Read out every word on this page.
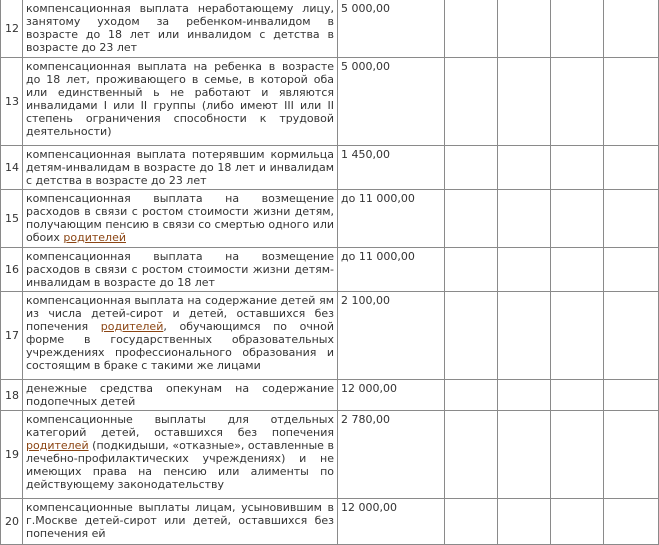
12	компенсационная выплата неработающему лицу, занятому уходом за ребенком-инвалидом в возрасте до 18 лет или инвалидом с детства в возрасте до 23 лет	5 000,00				
13	компенсационная выплата на ребенка в возрасте до 18 лет, проживающего в семье, в которой оба или единственный ь не работают и являются инвалидами I или II группы (либо имеют III или II степень ограничения способности к трудовой деятельности)	5 000,00				
14	компенсационная выплата потерявшим кормильца детям-инвалидам в возрасте до 18 лет и инвалидам с детства в возрасте до 23 лет	1 450,00				
15	компенсационная выплата на возмещение расходов в связи с ростом стоимости жизни детям, получающим пенсию в связи со смертью одного или обоих родителей	до 11 000,00				
16	компенсационная выплата на возмещение расходов в связи с ростом стоимости жизни детям-инвалидам в возрасте до 18 лет	до 11 000,00				
17	компенсационная выплата на содержание детей ям из числа детей-сирот и детей, оставшихся без попечения родителей, обучающимся по очной форме в государственных образовательных учреждениях профессионального образования и состоящим в браке с такими же лицами	2 100,00				
18	денежные средства опекунам на содержание подопечных детей	12 000,00				
19	компенсационные выплаты для отдельных категорий детей, оставшихся без попечения родителей (подкидыши, «отказные», оставленные в лечебно-профилактических учреждениях) и не имеющих права на пенсию или алименты по действующему законодательству	2 780,00				
20	компенсационные выплаты лицам, усыновившим в г.Москве детей-сирот или детей, оставшихся без попечения ей	12 000,00				
